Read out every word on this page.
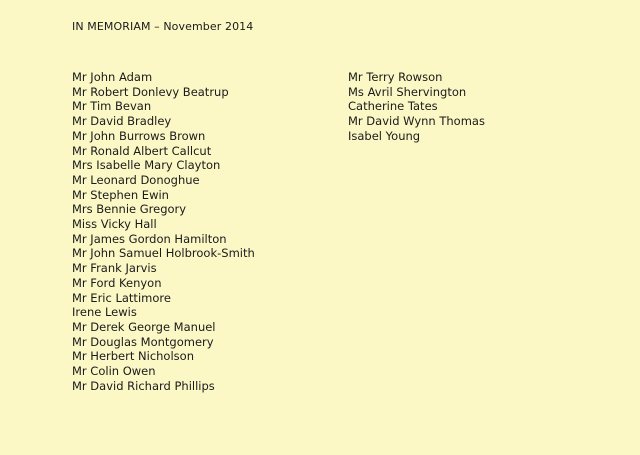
IN MEMORIAM – November 2014
Mr John Adam
Mr Robert Donlevy Beatrup
Mr Tim Bevan
Mr David Bradley
Mr John Burrows Brown
Mr Ronald Albert Callcut
Mrs Isabelle Mary Clayton
Mr Leonard Donoghue
Mr Stephen Ewin
Mrs Bennie Gregory
Miss Vicky Hall
Mr James Gordon Hamilton
Mr John Samuel Holbrook-Smith
Mr Frank Jarvis
Mr Ford Kenyon
Mr Eric Lattimore
Irene Lewis
Mr Derek George Manuel
Mr Douglas Montgomery
Mr Herbert Nicholson
Mr Colin Owen
Mr David Richard Phillips
Mr Terry Rowson
Ms Avril Shervington
Catherine Tates
Mr David Wynn Thomas
Isabel Young
